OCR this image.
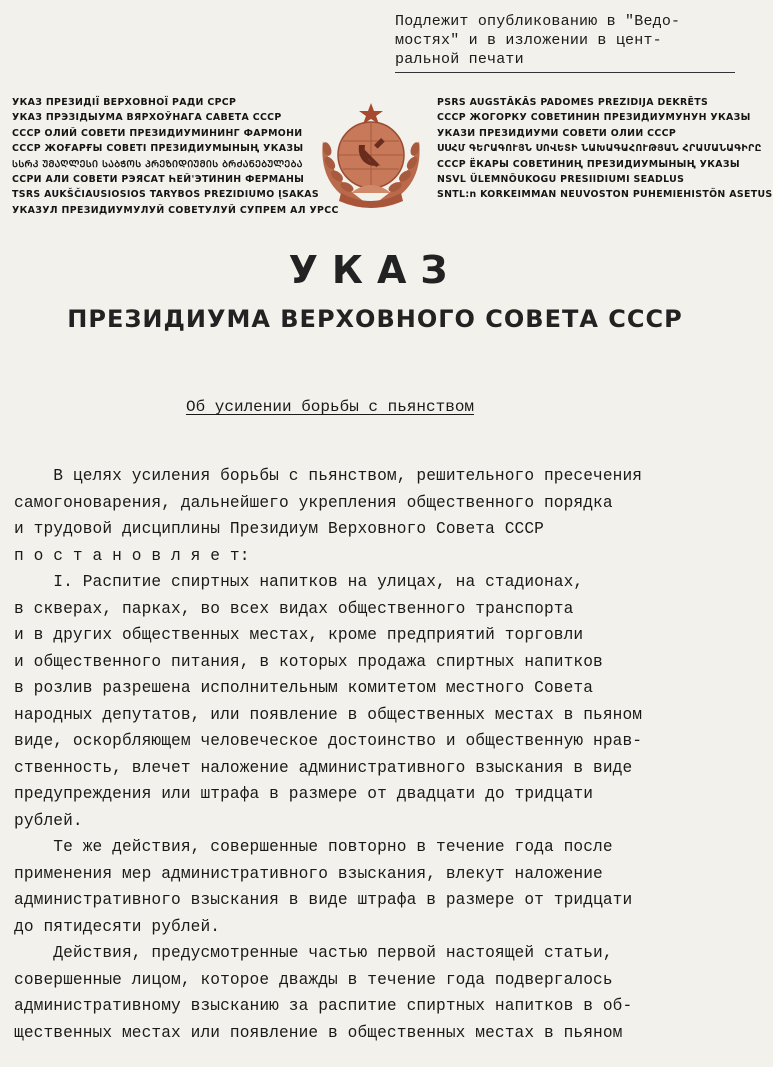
Подлежит опубликованию в "Ведо-
мостях" и в изложении в цент-
ральной печати
УКАЗ ПРЕЗИДІЇ ВЕРХОВНОЇ РАДИ СРСР
УКАЗ ПРЭЗІДЫУМА ВЯРХОЎНАГА САВЕТА СССР
СССР ОЛИЙ СОВЕТИ ПРЕЗИДИУМИНИНГ ФАРМОНИ
СССР ЖОҒАРҒЫ СОВЕТІ ПРЕЗИДИУМЫНЫҢ УКАЗЫ
ᲡᲡᲠᲙ ᲣᲛᲐᲦᲚᲔᲡᲘ ᲡᲐᲑᲭᲝᲡ ᲞᲠᲔᲖᲘᲓᲘᲣᲛᲘᲡ ᲑᲠᲫᲐᲜᲔᲑᲣᲚᲔᲑᲐ
ССРИ АЛИ СОВЕТИ РЭЯСАТ ҺЕЙ'ЭТИНИН ФЕРМАНЫ
TSRS AUKŠČIAUSIOSIOS TARYBOS PREZIDIUMO ĮSAKAS
УКАЗУЛ ПРЕЗИДИУМУЛУЙ СОВЕТУЛУЙ СУПРЕМ АЛ УРСС
PSRS AUGSTĀKĀS PADOMES PREZIDIJA DEKRĒTS
СССР ЖОГОРКУ СОВЕТИНИН ПРЕЗИДИУМУНУН УКАЗЫ
УКАЗИ ПРЕЗИДИУМИ СОВЕТИ ОЛИИ СССР
ՍՍՀՄ ԳԵՐԱԳՈՒՅՆ ՍՈՎԵՏԻ ՆԱԽԱԳԱՀՈՒԹՅԱՆ ՀՐԱՄԱՆԱԳԻՐԸ
СССР ЁКАРЫ СОВЕТИНИҢ ПРЕЗИДИУМЫНЫҢ УКАЗЫ
NSVL ÜLEMNÕUKOGU PRESIIDIUMI SEADLUS
SNTL:n KORKEIMMAN NEUVOSTON PUHEMIEHISTÖN ASETUS
УКАЗ
ПРЕЗИДИУМА ВЕРХОВНОГО СОВЕТА СССР
Об усилении борьбы с пьянством
В целях усиления борьбы с пьянством, решительного пресечения
самогоноварения, дальнейшего укрепления общественного порядка
и трудовой дисциплины Президиум Верховного Совета СССР
п о с т а н о в л я е т:
I. Распитие спиртных напитков на улицах, на стадионах,
в скверах, парках, во всех видах общественного транспорта
и в других общественных местах, кроме предприятий торговли
и общественного питания, в которых продажа спиртных напитков
в розлив разрешена исполнительным комитетом местного Совета
народных депутатов, или появление в общественных местах в пьяном
виде, оскорбляющем человеческое достоинство и общественную нрав-
ственность, влечет наложение административного взыскания в виде
предупреждения или штрафа в размере от двадцати до тридцати
рублей.
Те же действия, совершенные повторно в течение года после
применения мер административного взыскания, влекут наложение
административного взыскания в виде штрафа в размере от тридцати
до пятидесяти рублей.
Действия, предусмотренные частью первой настоящей статьи,
совершенные лицом, которое дважды в течение года подвергалось
административному взысканию за распитие спиртных напитков в об-
щественных местах или появление в общественных местах в пьяном
